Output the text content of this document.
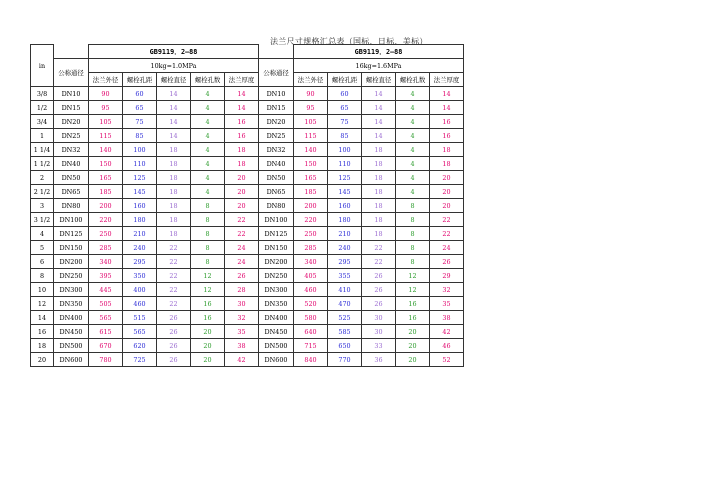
法兰尺寸规格汇总表（国标、日标、美标）
in		GB9119．2—88						GB9119．2—88				
	公称通径	10kg=1.0MPa					公称通径	16kg=1.6MPa				
		法兰外径	螺栓孔距	螺栓直径	螺栓孔数	法兰厚度		法兰外径	螺栓孔距	螺栓直径	螺栓孔数	法兰厚度
3/8	DN10	90	60	14	4	14	DN10	90	60	14	4	14
1/2	DN15	95	65	14	4	14	DN15	95	65	14	4	14
3/4	DN20	105	75	14	4	16	DN20	105	75	14	4	16
1	DN25	115	85	14	4	16	DN25	115	85	14	4	16
1 1/4	DN32	140	100	18	4	18	DN32	140	100	18	4	18
1 1/2	DN40	150	110	18	4	18	DN40	150	110	18	4	18
2	DN50	165	125	18	4	20	DN50	165	125	18	4	20
2 1/2	DN65	185	145	18	4	20	DN65	185	145	18	4	20
3	DN80	200	160	18	8	20	DN80	200	160	18	8	20
3 1/2	DN100	220	180	18	8	22	DN100	220	180	18	8	22
4	DN125	250	210	18	8	22	DN125	250	210	18	8	22
5	DN150	285	240	22	8	24	DN150	285	240	22	8	24
6	DN200	340	295	22	8	24	DN200	340	295	22	8	26
8	DN250	395	350	22	12	26	DN250	405	355	26	12	29
10	DN300	445	400	22	12	28	DN300	460	410	26	12	32
12	DN350	505	460	22	16	30	DN350	520	470	26	16	35
14	DN400	565	515	26	16	32	DN400	580	525	30	16	38
16	DN450	615	565	26	20	35	DN450	640	585	30	20	42
18	DN500	670	620	26	20	38	DN500	715	650	33	20	46
20	DN600	780	725	26	20	42	DN600	840	770	36	20	52
